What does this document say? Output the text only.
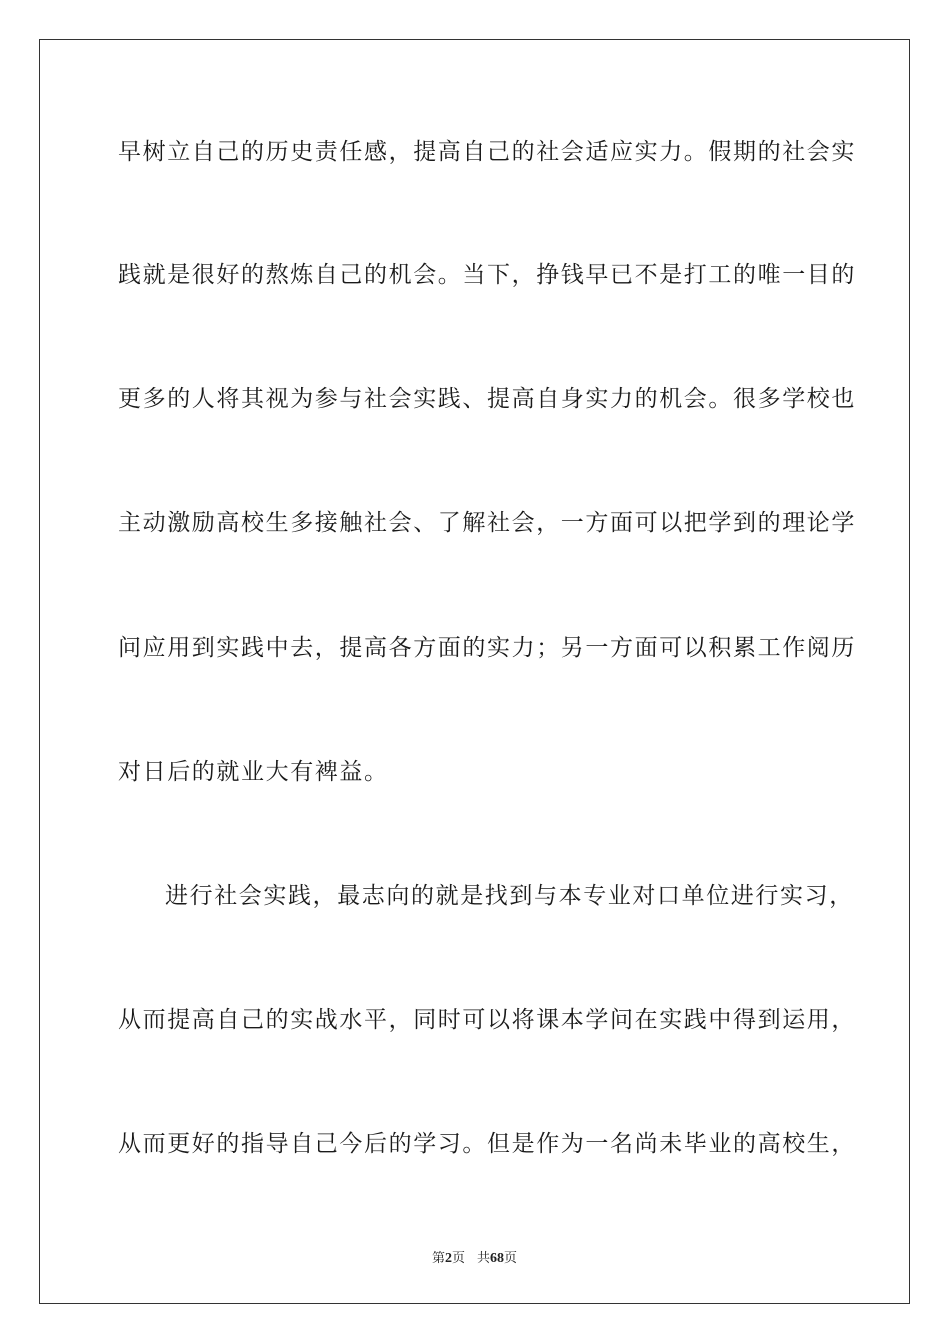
早树立自己的历史责任感，提高自己的社会适应实力。假期的社会实
践就是很好的熬炼自己的机会。当下，挣钱早已不是打工的唯一目的
更多的人将其视为参与社会实践、提高自身实力的机会。很多学校也
主动激励高校生多接触社会、了解社会，一方面可以把学到的理论学
问应用到实践中去，提高各方面的实力；另一方面可以积累工作阅历
对日后的就业大有裨益。
进行社会实践，最志向的就是找到与本专业对口单位进行实习，
从而提高自己的实战水平，同时可以将课本学问在实践中得到运用，
从而更好的指导自己今后的学习。但是作为一名尚未毕业的高校生，
第2页 共68页
